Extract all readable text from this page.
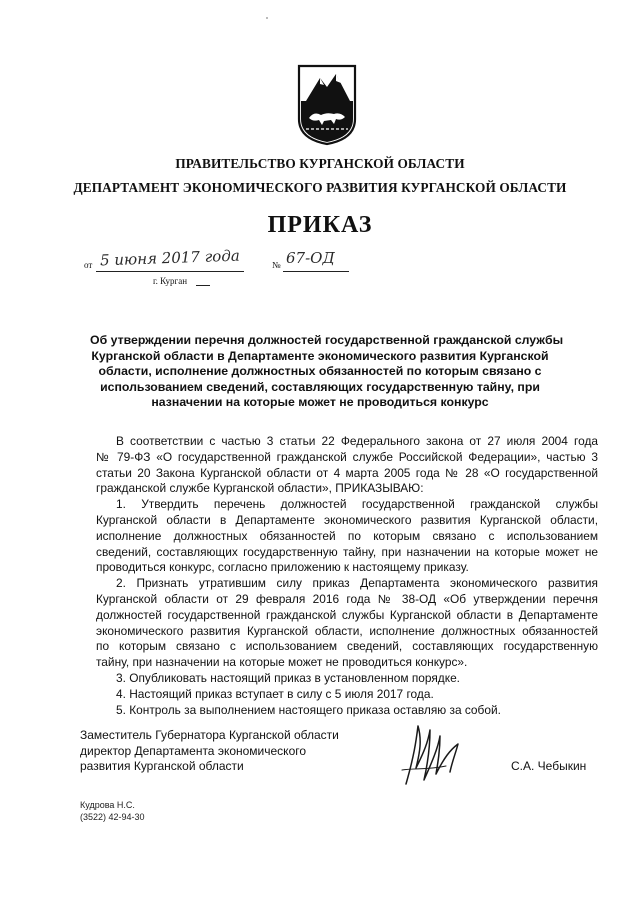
ПРАВИТЕЛЬСТВО КУРГАНСКОЙ ОБЛАСТИ
ДЕПАРТАМЕНТ ЭКОНОМИЧЕСКОГО РАЗВИТИЯ КУРГАНСКОЙ ОБЛАСТИ
ПРИКАЗ
от 5 июня 2017 года	№ 67-ОД
г. Курган
Об утверждении перечня должностей государственной гражданской службы
Курганской области в Департаменте экономического развития Курганской
области, исполнение должностных обязанностей по которым связано с
использованием сведений, составляющих государственную тайну, при
назначении на которые может не проводиться конкурс
В соответствии с частью 3 статьи 22 Федерального закона от 27 июля 2004 года
№ 79-ФЗ «О государственной гражданской службе Российской Федерации», частью 3
статьи 20 Закона Курганской области от 4 марта 2005 года № 28 «О государственной
гражданской службе Курганской области», ПРИКАЗЫВАЮ:
1. Утвердить перечень должностей государственной гражданской службы
Курганской области в Департаменте экономического развития Курганской области,
исполнение должностных обязанностей по которым связано с использованием
сведений, составляющих государственную тайну, при назначении на которые может не
проводиться конкурс, согласно приложению к настоящему приказу.
2. Признать утратившим силу приказ Департамента экономического развития
Курганской области от 29 февраля 2016 года № 38-ОД «Об утверждении перечня
должностей государственной гражданской службы Курганской области в Департаменте
экономического развития Курганской области, исполнение должностных обязанностей
по которым связано с использованием сведений, составляющих государственную
тайну, при назначении на которые может не проводиться конкурс».
3. Опубликовать настоящий приказ в установленном порядке.
4. Настоящий приказ вступает в силу с 5 июля 2017 года.
5. Контроль за выполнением настоящего приказа оставляю за собой.
Заместитель Губернатора Курганской области
директор Департамента экономического
развития Курганской области	С.А. Чебыкин
Кудрова Н.С.
(3522) 42-94-30
